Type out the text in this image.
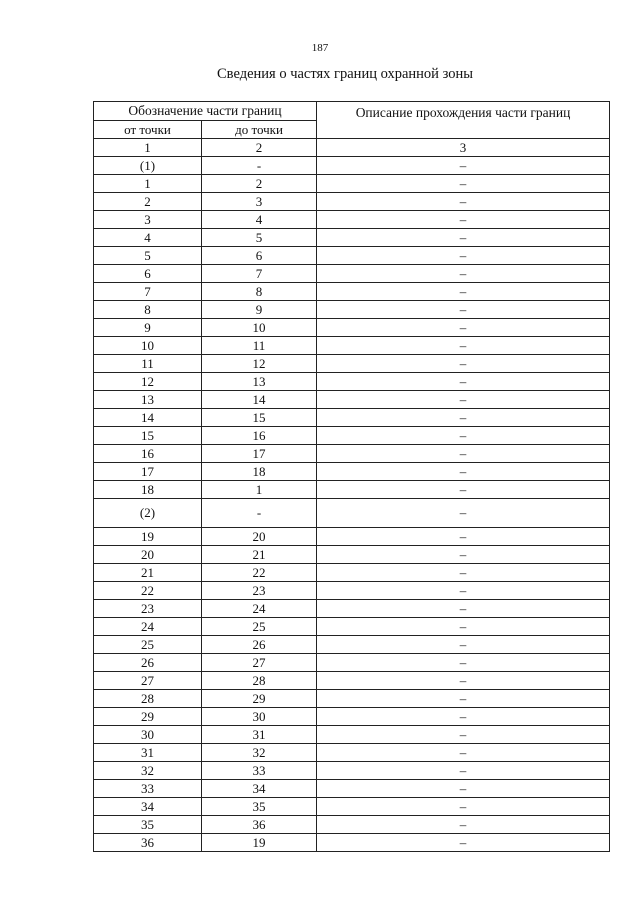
187
Сведения о частях границ охранной зоны
Обозначение части границ		Описание прохождения части границ
от точки	до точки	
1	2	3
(1)	-	–
1	2	–
2	3	–
3	4	–
4	5	–
5	6	–
6	7	–
7	8	–
8	9	–
9	10	–
10	11	–
11	12	–
12	13	–
13	14	–
14	15	–
15	16	–
16	17	–
17	18	–
18	1	–
(2)	-	–
19	20	–
20	21	–
21	22	–
22	23	–
23	24	–
24	25	–
25	26	–
26	27	–
27	28	–
28	29	–
29	30	–
30	31	–
31	32	–
32	33	–
33	34	–
34	35	–
35	36	–
36	19	–
